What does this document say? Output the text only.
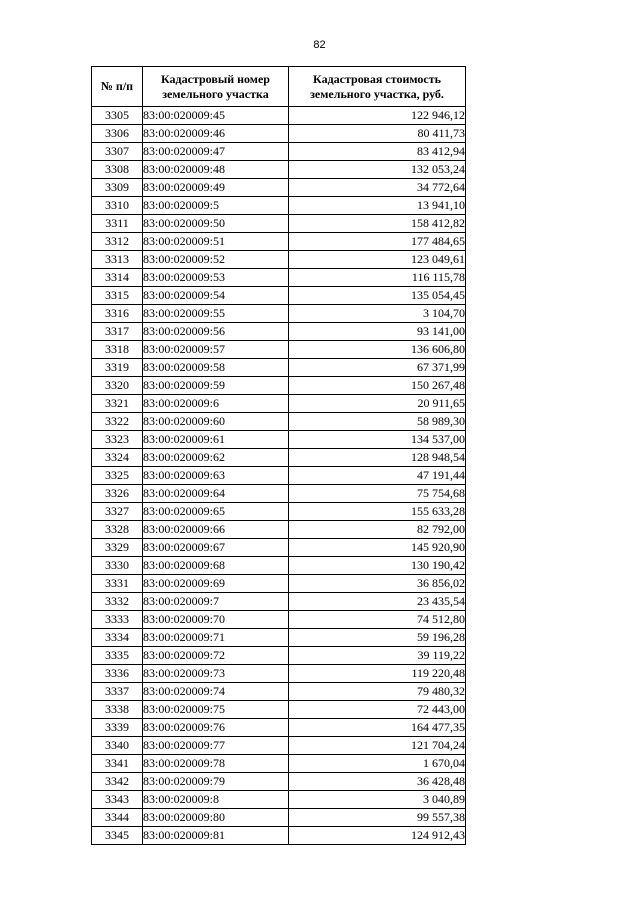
82
№ п/п	Кадастровый номер земельного участка	Кадастровая стоимость земельного участка, руб.
3305	83:00:020009:45	122 946,12
3306	83:00:020009:46	80 411,73
3307	83:00:020009:47	83 412,94
3308	83:00:020009:48	132 053,24
3309	83:00:020009:49	34 772,64
3310	83:00:020009:5	13 941,10
3311	83:00:020009:50	158 412,82
3312	83:00:020009:51	177 484,65
3313	83:00:020009:52	123 049,61
3314	83:00:020009:53	116 115,78
3315	83:00:020009:54	135 054,45
3316	83:00:020009:55	3 104,70
3317	83:00:020009:56	93 141,00
3318	83:00:020009:57	136 606,80
3319	83:00:020009:58	67 371,99
3320	83:00:020009:59	150 267,48
3321	83:00:020009:6	20 911,65
3322	83:00:020009:60	58 989,30
3323	83:00:020009:61	134 537,00
3324	83:00:020009:62	128 948,54
3325	83:00:020009:63	47 191,44
3326	83:00:020009:64	75 754,68
3327	83:00:020009:65	155 633,28
3328	83:00:020009:66	82 792,00
3329	83:00:020009:67	145 920,90
3330	83:00:020009:68	130 190,42
3331	83:00:020009:69	36 856,02
3332	83:00:020009:7	23 435,54
3333	83:00:020009:70	74 512,80
3334	83:00:020009:71	59 196,28
3335	83:00:020009:72	39 119,22
3336	83:00:020009:73	119 220,48
3337	83:00:020009:74	79 480,32
3338	83:00:020009:75	72 443,00
3339	83:00:020009:76	164 477,35
3340	83:00:020009:77	121 704,24
3341	83:00:020009:78	1 670,04
3342	83:00:020009:79	36 428,48
3343	83:00:020009:8	3 040,89
3344	83:00:020009:80	99 557,38
3345	83:00:020009:81	124 912,43
